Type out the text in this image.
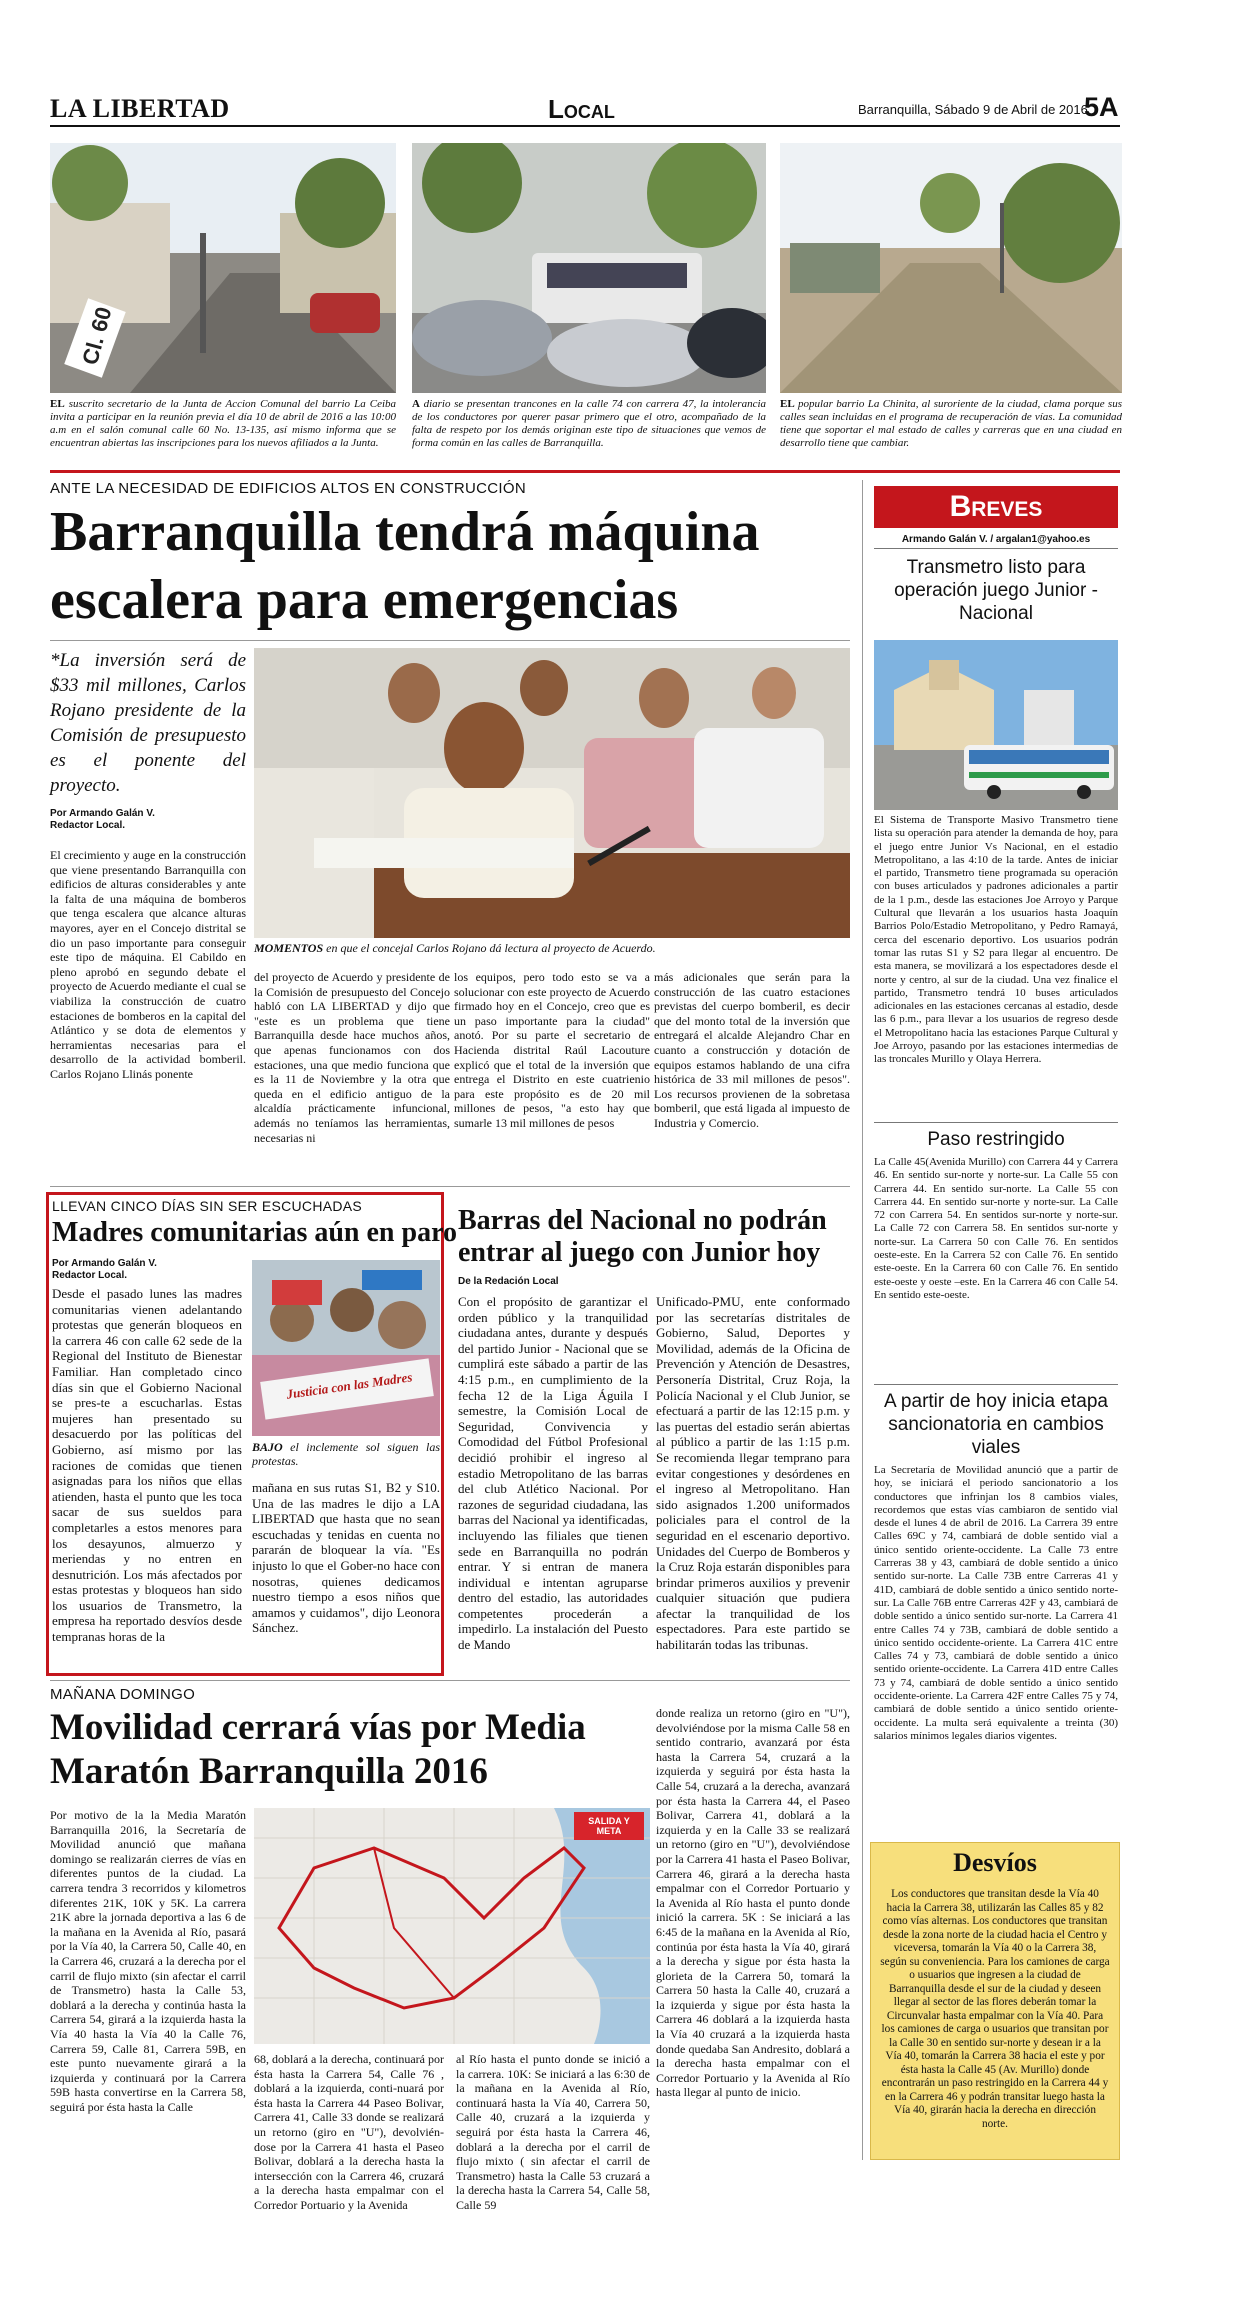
LA LIBERTAD	Local	Barranquilla, Sábado 9 de Abril de 2016
5A
Cl. 60
EL suscrito secretario de la Junta de Accion Comunal del barrio La Ceiba invita a participar en la reunión previa el día 10 de abril de 2016 a las 10:00 a.m en el salón comunal calle 60 No. 13-135, así mismo informa que se encuentran abiertas las inscripciones para los nuevos afiliados a la Junta.
A diario se presentan trancones en la calle 74 con carrera 47, la intolerancia de los conductores por querer pasar primero que el otro, acompañado de la falta de respeto por los demás originan este tipo de situaciones que vemos de forma común en las calles de Barranquilla.
EL popular barrio La Chinita, al suroriente de la ciudad, clama porque sus calles sean incluidas en el programa de recuperación de vías. La comunidad tiene que soportar el mal estado de calles y carreras que en una ciudad en desarrollo tiene que cambiar.
ANTE LA NECESIDAD DE EDIFICIOS ALTOS EN CONSTRUCCIÓN
Barranquilla tendrá máquina
escalera para emergencias
*La inversión será de $33 mil millones, Carlos Rojano presidente de la Comisión de presupuesto es el ponente del proyecto.
Por Armando Galán V.
Redactor Local.
MOMENTOS en que el concejal Carlos Rojano dá lectura al proyecto de Acuerdo.
El crecimiento y auge en la construcción que viene presentando Barranquilla con edificios de alturas considerables y ante la falta de una máquina de bomberos que tenga escalera que alcance alturas mayores, ayer en el Concejo distrital se dio un paso importante para conseguir este tipo de máquina. El Cabildo en pleno aprobó en segundo debate el proyecto de Acuerdo mediante el cual se viabiliza la construcción de cuatro estaciones de bomberos en la capital del Atlántico y se dota de elementos y herramientas necesarias para el desarrollo de la actividad bomberil. Carlos Rojano Llinás ponente
del proyecto de Acuerdo y presidente de la Comisión de presupuesto del Concejo habló con LA LIBERTAD y dijo que "este es un problema que tiene Barranquilla desde hace muchos años, que apenas funcionamos con dos estaciones, una que medio funciona que es la 11 de Noviembre y la otra que queda en el edificio antiguo de la alcaldía prácticamente infuncional, además no teníamos las herramientas, necesarias ni
los equipos, pero todo esto se va a solucionar con este proyecto de Acuerdo firmado hoy en el Concejo, creo que es un paso importante para la ciudad" anotó. Por su parte el secretario de Hacienda distrital Raúl Lacouture explicó que el total de la inversión que entrega el Distrito en este cuatrienio para este propósito es de 20 mil millones de pesos, "a esto hay que sumarle 13 mil millones de pesos
más adicionales que serán para la construcción de las cuatro estaciones previstas del cuerpo bomberil, es decir que del monto total de la inversión que entregará el alcalde Alejandro Char en cuanto a construcción y dotación de equipos estamos hablando de una cifra histórica de 33 mil millones de pesos". Los recursos provienen de la sobretasa bomberil, que está ligada al impuesto de Industria y Comercio.
LLEVAN CINCO DÍAS SIN SER ESCUCHADAS
Madres comunitarias aún en paro
Por Armando Galán V.
Redactor Local.
Desde el pasado lunes las madres comunitarias vienen adelantando protestas que generán bloqueos en la carrera 46 con calle 62 sede de la Regional del Instituto de Bienestar Familiar. Han completado cinco días sin que el Gobierno Nacional se pres-te a escucharlas. Estas mujeres han presentado su desacuerdo por las políticas del Gobierno, así mismo por las raciones de comidas que tienen asignadas para los niños que ellas atienden, hasta el punto que les toca sacar de sus sueldos para completarles a estos menores para los desayunos, almuerzo y meriendas y no entren en desnutrición. Los más afectados por estas protestas y bloqueos han sido los usuarios de Transmetro, la empresa ha reportado desvíos desde tempranas horas de la
Justicia con las Madres
BAJO el inclemente sol siguen las protestas.
mañana en sus rutas S1, B2 y S10. Una de las madres le dijo a LA LIBERTAD que hasta que no sean escuchadas y tenidas en cuenta no pararán de bloquear la vía. "Es injusto lo que el Gober-no hace con nosotras, quienes dedicamos nuestro tiempo a esos niños que amamos y cuidamos", dijo Leonora Sánchez.
Barras del Nacional no podrán
entrar al juego con Junior hoy
De la Redación Local
Con el propósito de garantizar el orden público y la tranquilidad ciudadana antes, durante y después del partido Junior - Nacional que se cumplirá este sábado a partir de las 4:15 p.m., en cumplimiento de la fecha 12 de la Liga Águila I semestre, la Comisión Local de Seguridad, Convivencia y Comodidad del Fútbol Profesional decidió prohibir el ingreso al estadio Metropolitano de las barras del club Atlético Nacional. Por razones de seguridad ciudadana, las barras del Nacional ya identificadas, incluyendo las filiales que tienen sede en Barranquilla no podrán entrar. Y si entran de manera individual e intentan agruparse dentro del estadio, las autoridades competentes procederán a impedirlo. La instalación del Puesto de Mando
Unificado-PMU, ente conformado por las secretarías distritales de Gobierno, Salud, Deportes y Movilidad, además de la Oficina de Prevención y Atención de Desastres, Personería Distrital, Cruz Roja, la Policía Nacional y el Club Junior, se efectuará a partir de las 12:15 p.m. y las puertas del estadio serán abiertas al público a partir de las 1:15 p.m. Se recomienda llegar temprano para evitar congestiones y desórdenes en el ingreso al Metropolitano. Han sido asignados 1.200 uniformados policiales para el control de la seguridad en el escenario deportivo. Unidades del Cuerpo de Bomberos y la Cruz Roja estarán disponibles para brindar primeros auxilios y prevenir cualquier situación que pudiera afectar la tranquilidad de los espectadores. Para este partido se habilitarán todas las tribunas.
MAÑANA DOMINGO
Movilidad cerrará vías por Media
Maratón Barranquilla 2016
Por motivo de la la Media Maratón Barranquilla 2016, la Secretaría de Movilidad anunció que mañana domingo se realizarán cierres de vías en diferentes puntos de la ciudad. La carrera tendra 3 recorridos y kilometros diferentes 21K, 10K y 5K. La carrera 21K abre la jornada deportiva a las 6 de la mañana en la Avenida al Río, pasará por la Vía 40, la Carrera 50, Calle 40, en la Carrera 46, cruzará a la derecha por el carril de flujo mixto (sin afectar el carril de Transmetro) hasta la Calle 53, doblará a la derecha y continúa hasta la Carrera 54, girará a la izquierda hasta la Vía 40 hasta la Vía 40 la Calle 76, Carrera 59, Calle 81, Carrera 59B, en este punto nuevamente girará a la izquierda y continuará por la Carrera 59B hasta convertirse en la Carrera 58, seguirá por ésta hasta la Calle
SALIDA Y META
68, doblará a la derecha, continuará por ésta hasta la Carrera 54, Calle 76 , doblará a la izquierda, conti-nuará por ésta hasta la Carrera 44 Paseo Bolivar, Carrera 41, Calle 33 donde se realizará un retorno (giro en "U"), devolvién-dose por la Carrera 41 hasta el Paseo Bolivar, doblará a la derecha hasta la intersección con la Carrera 46, cruzará a la derecha hasta empalmar con el Corredor Portuario y la Avenida
al Río hasta el punto donde se inició a la carrera. 10K: Se iniciará a las 6:30 de la mañana en la Avenida al Río, continuará hasta la Vía 40, Carrera 50, Calle 40, cruzará a la izquierda y seguirá por ésta hasta la Carrera 46, doblará a la derecha por el carril de flujo mixto ( sin afectar el carril de Transmetro) hasta la Calle 53 cruzará a la derecha hasta la Carrera 54, Calle 58, Calle 59
donde realiza un retorno (giro en "U"), devolviéndose por la misma Calle 58 en sentido contrario, avanzará por ésta hasta la Carrera 54, cruzará a la izquierda y seguirá por ésta hasta la Calle 54, cruzará a la derecha, avanzará por ésta hasta la Carrera 44, el Paseo Bolivar, Carrera 41, doblará a la izquierda y en la Calle 33 se realizará un retorno (giro en "U"), devolviéndose por la Carrera 41 hasta el Paseo Bolivar, Carrera 46, girará a la derecha hasta empalmar con el Corredor Portuario y la Avenida al Río hasta el punto donde inició la carrera. 5K : Se iniciará a las 6:45 de la mañana en la Avenida al Río, continúa por ésta hasta la Vía 40, girará a la derecha y sigue por ésta hasta la glorieta de la Carrera 50, tomará la Carrera 50 hasta la Calle 40, cruzará a la izquierda y sigue por ésta hasta la Carrera 46 doblará a la izquierda hasta la Vía 40 cruzará a la izquierda hasta donde quedaba San Andresito, doblará a la derecha hasta empalmar con el Corredor Portuario y la Avenida al Río hasta llegar al punto de inicio.
Breves
Armando Galán V. / argalan1@yahoo.es
Transmetro listo para operación juego Junior - Nacional
El Sistema de Transporte Masivo Transmetro tiene lista su operación para atender la demanda de hoy, para el juego entre Junior Vs Nacional, en el estadio Metropolitano, a las 4:10 de la tarde. Antes de iniciar el partido, Transmetro tiene programada su operación con buses articulados y padrones adicionales a partir de la 1 p.m., desde las estaciones Joe Arroyo y Parque Cultural que llevarán a los usuarios hasta Joaquín Barrios Polo/Estadio Metropolitano, y Pedro Ramayá, cerca del escenario deportivo. Los usuarios podrán tomar las rutas S1 y S2 para llegar al encuentro. De esta manera, se movilizará a los espectadores desde el norte y centro, al sur de la ciudad. Una vez finalice el partido, Transmetro tendrá 10 buses articulados adicionales en las estaciones cercanas al estadio, desde las 6 p.m., para llevar a los usuarios de regreso desde el Metropolitano hacia las estaciones Parque Cultural y Joe Arroyo, pasando por las estaciones intermedias de las troncales Murillo y Olaya Herrera.
Paso restringido
La Calle 45(Avenida Murillo) con Carrera 44 y Carrera 46. En sentido sur-norte y norte-sur. La Calle 55 con Carrera 44. En sentido sur-norte. La Calle 55 con Carrera 44. En sentido sur-norte y norte-sur. La Calle 72 con Carrera 54. En sentidos sur-norte y norte-sur. La Calle 72 con Carrera 58. En sentidos sur-norte y norte-sur. La Carrera 50 con Calle 76. En sentidos oeste-este. En la Carrera 52 con Calle 76. En sentido este-oeste. En la Carrera 60 con Calle 76. En sentido este-oeste y oeste –este. En la Carrera 46 con Calle 54. En sentido este-oeste.
A partir de hoy inicia etapa sancionatoria en cambios viales
La Secretaría de Movilidad anunció que a partir de hoy, se iniciará el periodo sancionatorio a los conductores que infrinjan los 8 cambios viales, recordemos que estas vías cambiaron de sentido vial desde el lunes 4 de abril de 2016. La Carrera 39 entre Calles 69C y 74, cambiará de doble sentido vial a único sentido oriente-occidente. La Calle 73 entre Carreras 38 y 43, cambiará de doble sentido a único sentido sur-norte. La Calle 73B entre Carreras 41 y 41D, cambiará de doble sentido a único sentido norte-sur. La Calle 76B entre Carreras 42F y 43, cambiará de doble sentido a único sentido sur-norte. La Carrera 41 entre Calles 74 y 73B, cambiará de doble sentido a único sentido occidente-oriente. La Carrera 41C entre Calles 74 y 73, cambiará de doble sentido a único sentido oriente-occidente. La Carrera 41D entre Calles 73 y 74, cambiará de doble sentido a único sentido occidente-oriente. La Carrera 42F entre Calles 75 y 74, cambiará de doble sentido a único sentido oriente-occidente. La multa será equivalente a treinta (30) salarios mínimos legales diarios vigentes.
Desvíos
Los conductores que transitan desde la Vía 40 hacia la Carrera 38, utilizarán las Calles 85 y 82 como vías alternas. Los conductores que transitan desde la zona norte de la ciudad hacia el Centro y viceversa, tomarán la Vía 40 o la Carrera 38, según su conveniencia. Para los camiones de carga o usuarios que ingresen a la ciudad de Barranquilla desde el sur de la ciudad y deseen llegar al sector de las flores deberán tomar la Circunvalar hasta empalmar con la Vía 40. Para los camiones de carga o usuarios que transitan por la Calle 30 en sentido sur-norte y desean ir a la Vía 40, tomarán la Carrera 38 hacia el este y por ésta hasta la Calle 45 (Av. Murillo) donde encontrarán un paso restringido en la Carrera 44 y en la Carrera 46 y podrán transitar luego hasta la Vía 40, girarán hacia la derecha en dirección norte.
